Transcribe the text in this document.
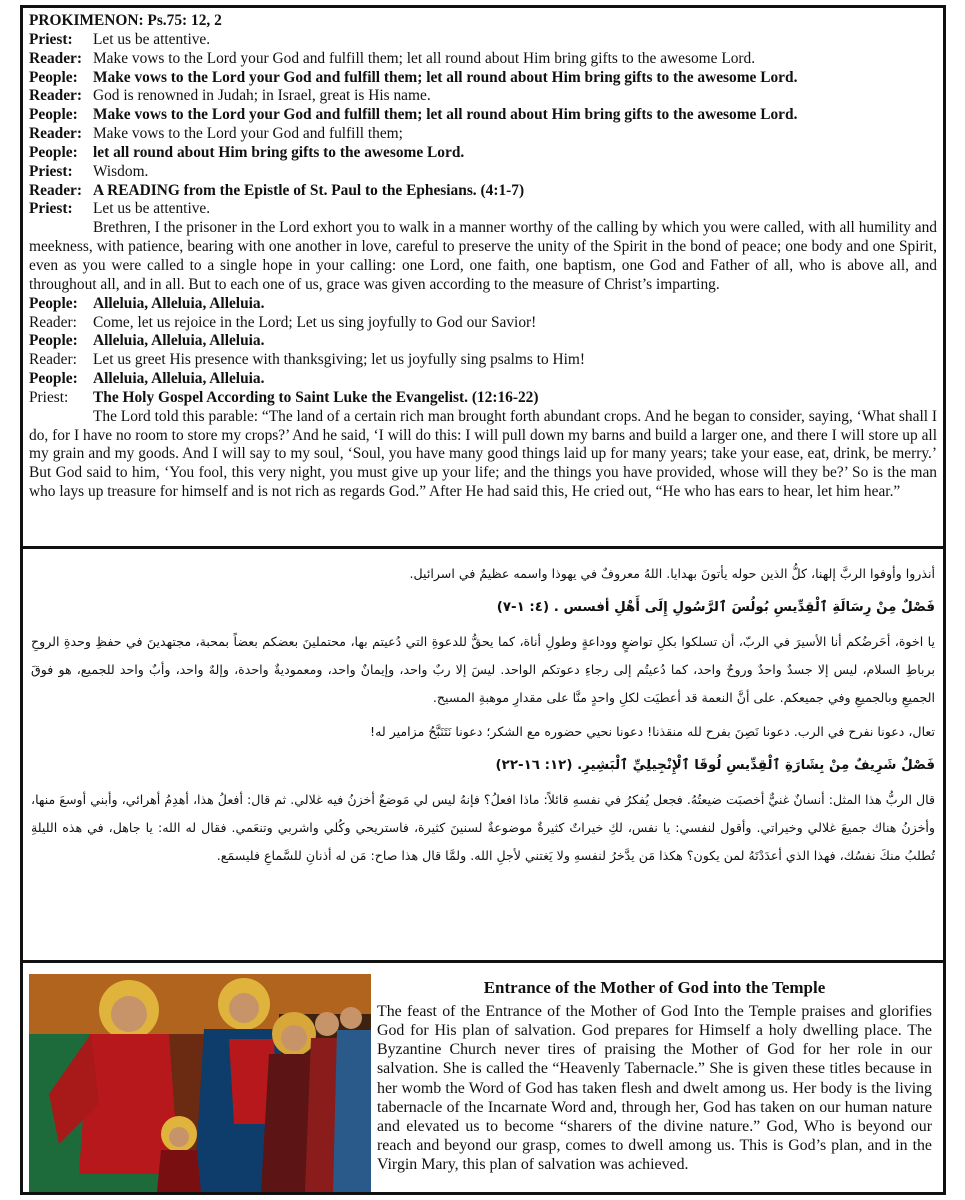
PROKIMENON: Ps.75: 12, 2
Priest:	Let us be attentive.
Reader: Make vows to the Lord your God and fulfill them; let all round about Him bring gifts to the awesome Lord.
People: Make vows to the Lord your God and fulfill them; let all round about Him bring gifts to the awesome Lord.
Reader: God is renowned in Judah; in Israel, great is His name.
People: Make vows to the Lord your God and fulfill them; let all round about Him bring gifts to the awesome Lord.
Reader: Make vows to the Lord your God and fulfill them;
People: let all round about Him bring gifts to the awesome Lord.
Priest:	Wisdom.
Reader: A READING from the Epistle of St. Paul to the Ephesians. (4:1-7)
Priest:	Let us be attentive.
Brethren, I the prisoner in the Lord exhort you to walk in a manner worthy of the calling by which you were called, with all humility and meekness, with patience, bearing with one another in love, careful to preserve the unity of the Spirit in the bond of peace; one body and one Spirit, even as you were called to a single hope in your calling: one Lord, one faith, one baptism, one God and Father of all, who is above all, and throughout all, and in all. But to each one of us, grace was given according to the measure of Christ’s imparting.
People: Alleluia, Alleluia, Alleluia.
Reader:	Come, let us rejoice in the Lord; Let us sing joyfully to God our Savior!
People: Alleluia, Alleluia, Alleluia.
Reader:	Let us greet His presence with thanksgiving; let us joyfully sing psalms to Him!
People: Alleluia, Alleluia, Alleluia.
Priest:	The Holy Gospel According to Saint Luke the Evangelist. (12:16-22)
The Lord told this parable: “The land of a certain rich man brought forth abundant crops. And he began to consider, saying, ‘What shall I do, for I have no room to store my crops?’ And he said, ‘I will do this: I will pull down my barns and build a larger one, and there I will store up all my grain and my goods. And I will say to my soul, ‘Soul, you have many good things laid up for many years; take your ease, eat, drink, be merry.’ But God said to him, ‘You fool, this very night, you must give up your life; and the things you have provided, whose will they be?’ So is the man who lays up treasure for himself and is not rich as regards God.” After He had said this, He cried out, “He who has ears to hear, let him hear.”

أنذروا وأوفوا الربَّ إلهنا، كلُّ الذين حوله يأتونَ بهدايا. اللهُ معروفٌ في يهوذا واسمه عظيمٌ في اسرائيل.

فَصْلٌ مِنْ رِسَالَةِ ٱلْقِدِّيسِ بُولُسَ ٱلرَّسُولِ إِلَى أَهْلِ أفسس . (٤: ١-٧)

يا اخوة، أحَرضُكم أنا الأسيرَ في الربّ، أن تسلكوا بكلِ تواضعٍ ووداعةٍ وطولِ أناة، كما يحقُّ للدعوةِ التي دُعيتم بها، محتملينَ بعضكم بعضاً بمحبة، مجتهدينَ في حفظِ وحدةِ الروحِ برباطِ السلام، ليس إلا جسدٌ واحدٌ وروحٌ واحد، كما دُعيتُم إلى رجاءِ دعوتكم الواحد. ليسَ إلا ربٌ واحد، وإيمانٌ واحد، ومعموديةٌ واحدة، وإلهٌ واحد، وأبٌ واحد للجميع، هو فوقَ الجميعِ وبالجميعِ وفي جميعكم. على أنَّ النعمة قد أعطيَت لكلِ واحدٍ منَّا على مقدارِ موهبةِ المسيح.

تعال، دعونا نفرح في الرب. دعونا نَصِنَ بفرح لله منقذنا! دعونا نحيي حضوره مع الشكر؛ دعونا نَتَنَبَّحُ مزامير له!

فَصْلٌ شَرِيفٌ مِنْ بِشَارَةِ ٱلْقِدِّيسِ لُوقَا ٱلْإِنْجِيلِيِّ ٱلْبَشِيرِ. (١٢: ١٦-٢٢)

قال الربُّ هذا المثل: أنسانٌ غنيٌّ أخصبَت ضيعتُهُ. فجعل يُفكرُ في نفسهِ قائلاً: ماذا افعلُ؟ فإنهُ ليس لي مَوضعٌ أخزنُ فيه غلالي. ثم قال: أفعلُ هذا، أهدِمُ أهرائي، وأبني أوسعَ منها، وأخزنُ هناك جميعَ غلالي وخيراتي. وأقول لنفسي: يا نفس، لكِ خيراتٌ كثيرةٌ موضوعةٌ لسنينَ كثيرة، فاستريحي وكُلي واشربي وتنعَمي. فقال له الله: يا جاهل، في هذه الليلةِ تُطلبُ منكَ نفسُك، فهذا الذي أعدَدْتَهُ لمن يكون؟ هكذا مَن يدَّخرُ لنفسهِ ولا يَغتني لأجلِ الله. ولمَّا قال هذا صاح: مَن له أذنانِ للسَّماعِ فليسمَع.

Entrance of the Mother of God into the Temple
The feast of the Entrance of the Mother of God Into the Temple praises and glorifies God for His plan of salvation. God prepares for Himself a holy dwelling place. The Byzantine Church never tires of praising the Mother of God for her role in our salvation. She is called the “Heavenly Tabernacle.” She is given these titles because in her womb the Word of God has taken flesh and dwelt among us. Her body is the living tabernacle of the Incarnate Word and, through her, God has taken on our human nature and elevated us to become “sharers of the divine nature.” God, Who is beyond our reach and beyond our grasp, comes to dwell among us. This is God’s plan, and in the Virgin Mary, this plan of salvation was achieved.
